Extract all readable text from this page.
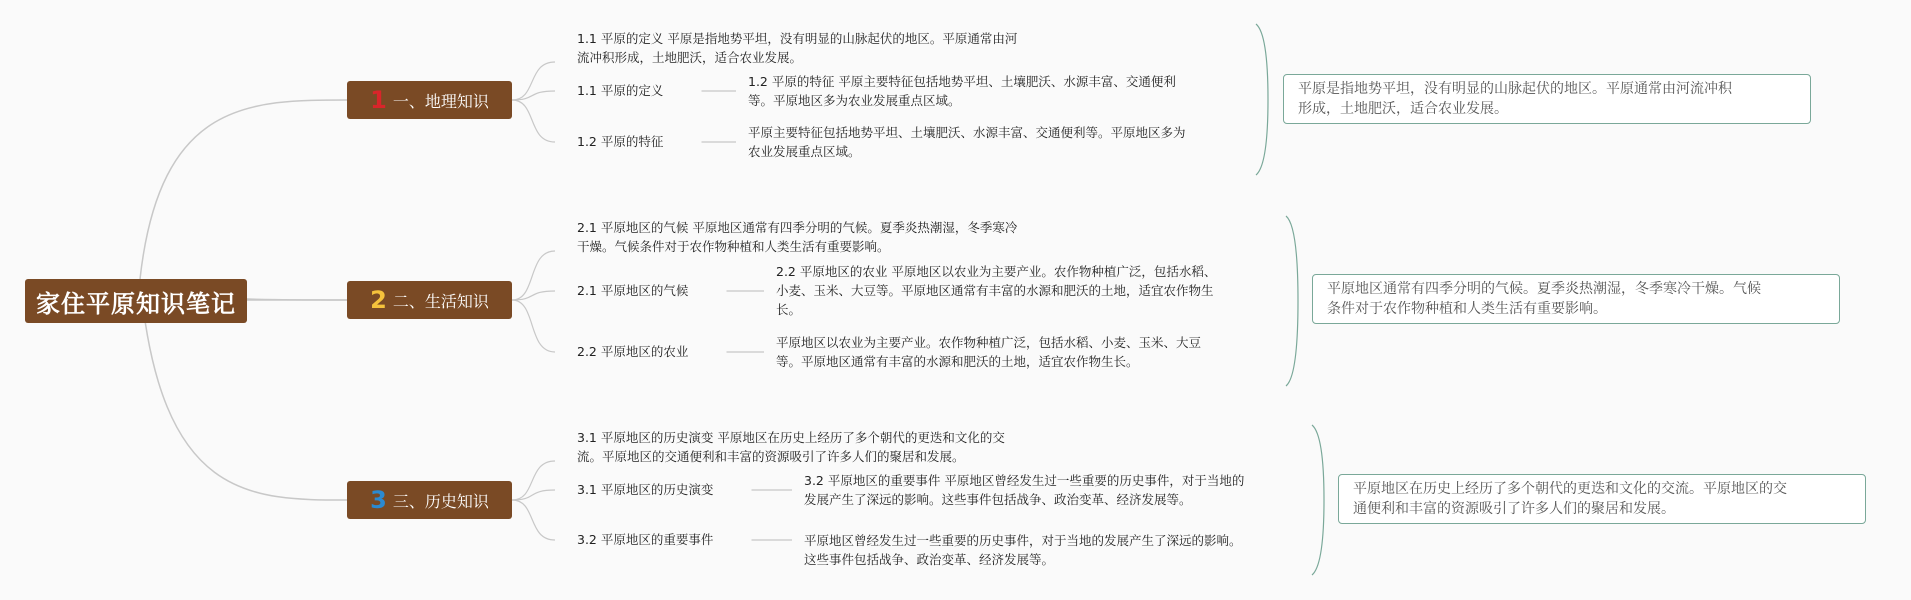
家住平原知识笔记
1 一、地理知识
1.1 平原的定义 平原是指地势平坦，没有明显的山脉起伏的地区。平原通常由河
流冲积形成，土地肥沃，适合农业发展。
1.1 平原的定义
1.2 平原的特征 平原主要特征包括地势平坦、土壤肥沃、水源丰富、交通便利
等。平原地区多为农业发展重点区域。
1.2 平原的特征
平原主要特征包括地势平坦、土壤肥沃、水源丰富、交通便利等。平原地区多为
农业发展重点区域。
平原是指地势平坦，没有明显的山脉起伏的地区。平原通常由河流冲积
形成，土地肥沃，适合农业发展。
2 二、生活知识
2.1 平原地区的气候 平原地区通常有四季分明的气候。夏季炎热潮湿，冬季寒冷
干燥。气候条件对于农作物种植和人类生活有重要影响。
2.1 平原地区的气候
2.2 平原地区的农业 平原地区以农业为主要产业。农作物种植广泛，包括水稻、
小麦、玉米、大豆等。平原地区通常有丰富的水源和肥沃的土地，适宜农作物生
长。
2.2 平原地区的农业
平原地区以农业为主要产业。农作物种植广泛，包括水稻、小麦、玉米、大豆
等。平原地区通常有丰富的水源和肥沃的土地，适宜农作物生长。
平原地区通常有四季分明的气候。夏季炎热潮湿，冬季寒冷干燥。气候
条件对于农作物种植和人类生活有重要影响。
3 三、历史知识
3.1 平原地区的历史演变 平原地区在历史上经历了多个朝代的更迭和文化的交
流。平原地区的交通便利和丰富的资源吸引了许多人们的聚居和发展。
3.1 平原地区的历史演变
3.2 平原地区的重要事件 平原地区曾经发生过一些重要的历史事件，对于当地的
发展产生了深远的影响。这些事件包括战争、政治变革、经济发展等。
3.2 平原地区的重要事件	平原地区曾经发生过一些重要的历史事件，对于当地的发展产生了深远的影响。
这些事件包括战争、政治变革、经济发展等。
平原地区在历史上经历了多个朝代的更迭和文化的交流。平原地区的交
通便利和丰富的资源吸引了许多人们的聚居和发展。
